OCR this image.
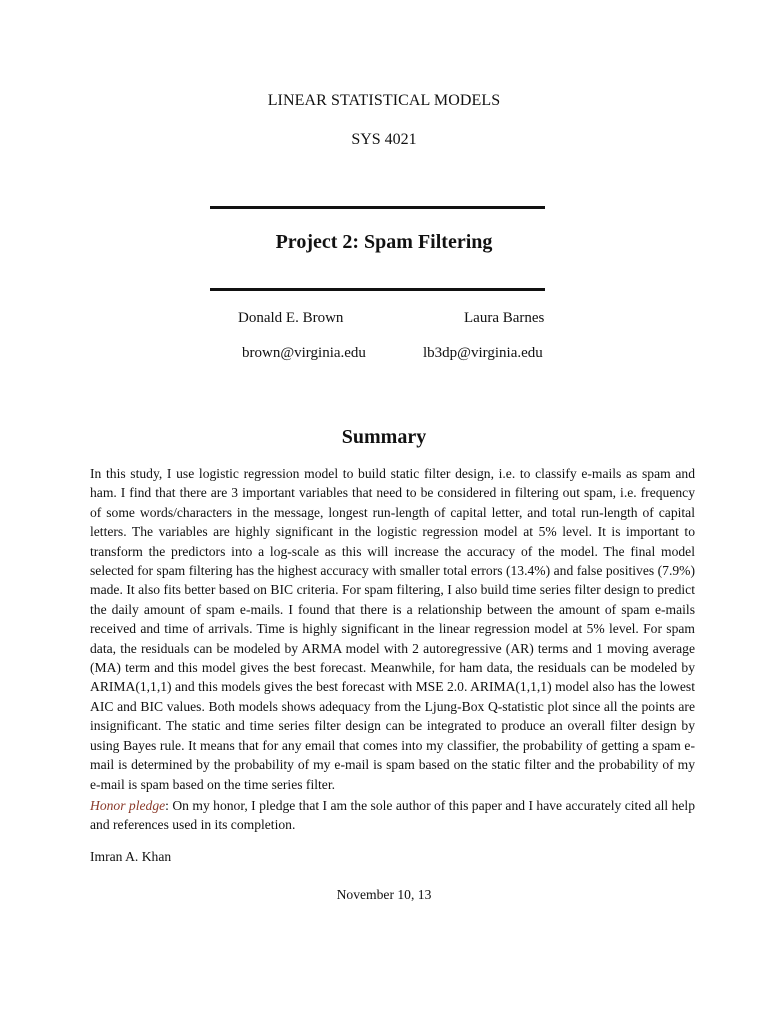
LINEAR STATISTICAL MODELS
SYS 4021
Project 2: Spam Filtering
Donald E. Brown	Laura Barnes
brown@virginia.edu	lb3dp@virginia.edu
Summary

In this study, I use logistic regression model to build static filter design, i.e. to classify e-mails as spam and ham. I find that there are 3 important variables that need to be considered in filtering out spam, i.e. frequency of some words/characters in the message, longest run-length of capital letter, and total run-length of capital letters. The variables are highly significant in the logistic regression model at 5% level. It is important to transform the predictors into a log-scale as this will increase the accuracy of the model. The final model selected for spam filtering has the highest accuracy with smaller total errors (13.4%) and false positives (7.9%) made. It also fits better based on BIC criteria. For spam filtering, I also build time series filter design to predict the daily amount of spam e-mails. I found that there is a relationship between the amount of spam e-mails received and time of arrivals. Time is highly significant in the linear regression model at 5% level. For spam data, the residuals can be modeled by ARMA model with 2 autoregressive (AR) terms and 1 moving average (MA) term and this model gives the best forecast. Meanwhile, for ham data, the residuals can be modeled by ARIMA(1,1,1) and this models gives the best forecast with MSE 2.0. ARIMA(1,1,1) model also has the lowest AIC and BIC values. Both models shows adequacy from the Ljung-Box Q-statistic plot since all the points are insignificant. The static and time series filter design can be integrated to produce an overall filter design by using Bayes rule. It means that for any email that comes into my classifier, the probability of getting a spam e-mail is determined by the probability of my e-mail is spam based on the static filter and the probability of my e-mail is spam based on the time series filter.

Honor pledge: On my honor, I pledge that I am the sole author of this paper and I have accurately cited all help and references used in its completion.

Imran A. Khan
November 10, 13
